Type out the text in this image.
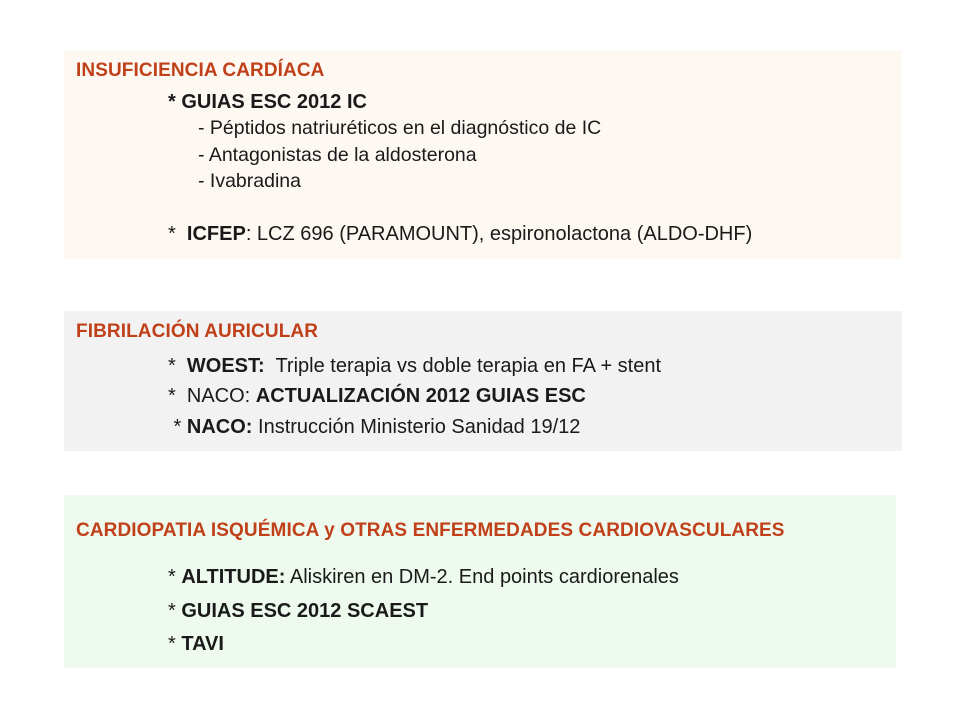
INSUFICIENCIA CARDÍACA

* GUIAS ESC 2012 IC

- Péptidos natriuréticos en el diagnóstico de IC

- Antagonistas de la aldosterona

- Ivabradina

*  ICFEP: LCZ 696 (PARAMOUNT), espironolactona (ALDO-DHF)

FIBRILACIÓN AURICULAR

*  WOEST:  Triple terapia vs doble terapia en FA + stent

*  NACO: ACTUALIZACIÓN 2012 GUIAS ESC

* NACO: Instrucción Ministerio Sanidad 19/12

CARDIOPATIA ISQUÉMICA y OTRAS ENFERMEDADES CARDIOVASCULARES

* ALTITUDE: Aliskiren en DM-2. End points cardiorenales

* GUIAS ESC 2012 SCAEST

* TAVI
